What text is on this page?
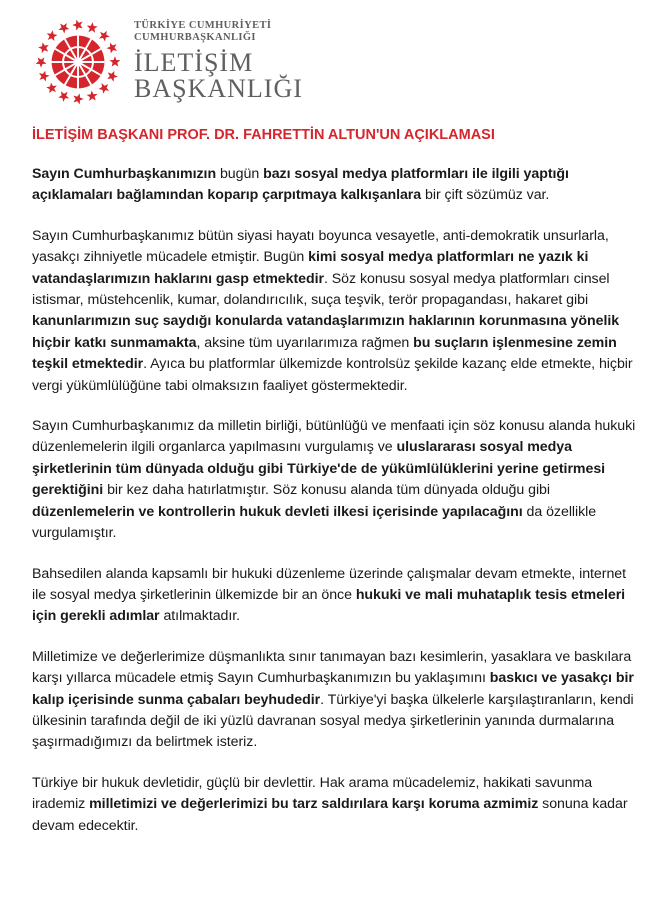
TÜRKİYE CUMHURİYETİ
CUMHURBAŞKANLIĞI
İLETİŞİM
BAŞKANLIĞI
İLETİŞİM BAŞKANI PROF. DR. FAHRETTİN ALTUN'UN AÇIKLAMASI

Sayın Cumhurbaşkanımızın bugün bazı sosyal medya platformları ile ilgili yaptığı açıklamaları bağlamından koparıp çarpıtmaya kalkışanlara bir çift sözümüz var.

Sayın Cumhurbaşkanımız bütün siyasi hayatı boyunca vesayetle, anti-demokratik unsurlarla, yasakçı zihniyetle mücadele etmiştir. Bugün kimi sosyal medya platformları ne yazık ki vatandaşlarımızın haklarını gasp etmektedir. Söz konusu sosyal medya platformları cinsel istismar, müstehcenlik, kumar, dolandırıcılık, suça teşvik, terör propagandası, hakaret gibi kanunlarımızın suç saydığı konularda vatandaşlarımızın haklarının korunmasına yönelik hiçbir katkı sunmamakta, aksine tüm uyarılarımıza rağmen bu suçların işlenmesine zemin teşkil etmektedir. Ayıca bu platformlar ülkemizde kontrolsüz şekilde kazanç elde etmekte, hiçbir vergi yükümlülüğüne tabi olmaksızın faaliyet göstermektedir.

Sayın Cumhurbaşkanımız da milletin birliği, bütünlüğü ve menfaati için söz konusu alanda hukuki düzenlemelerin ilgili organlarca yapılmasını vurgulamış ve uluslararası sosyal medya şirketlerinin tüm dünyada olduğu gibi Türkiye'de de yükümlülüklerini yerine getirmesi gerektiğini bir kez daha hatırlatmıştır. Söz konusu alanda tüm dünyada olduğu gibi düzenlemelerin ve kontrollerin hukuk devleti ilkesi içerisinde yapılacağını da özellikle vurgulamıştır.

Bahsedilen alanda kapsamlı bir hukuki düzenleme üzerinde çalışmalar devam etmekte, internet ile sosyal medya şirketlerinin ülkemizde bir an önce hukuki ve mali muhataplık tesis etmeleri için gerekli adımlar atılmaktadır.

Milletimize ve değerlerimize düşmanlıkta sınır tanımayan bazı kesimlerin, yasaklara ve baskılara karşı yıllarca mücadele etmiş Sayın Cumhurbaşkanımızın bu yaklaşımını baskıcı ve yasakçı bir kalıp içerisinde sunma çabaları beyhudedir. Türkiye'yi başka ülkelerle karşılaştıranların, kendi ülkesinin tarafında değil de iki yüzlü davranan sosyal medya şirketlerinin yanında durmalarına şaşırmadığımızı da belirtmek isteriz.

Türkiye bir hukuk devletidir, güçlü bir devlettir. Hak arama mücadelemiz, hakikati savunma irademiz milletimizi ve değerlerimizi bu tarz saldırılara karşı koruma azmimiz sonuna kadar devam edecektir.
